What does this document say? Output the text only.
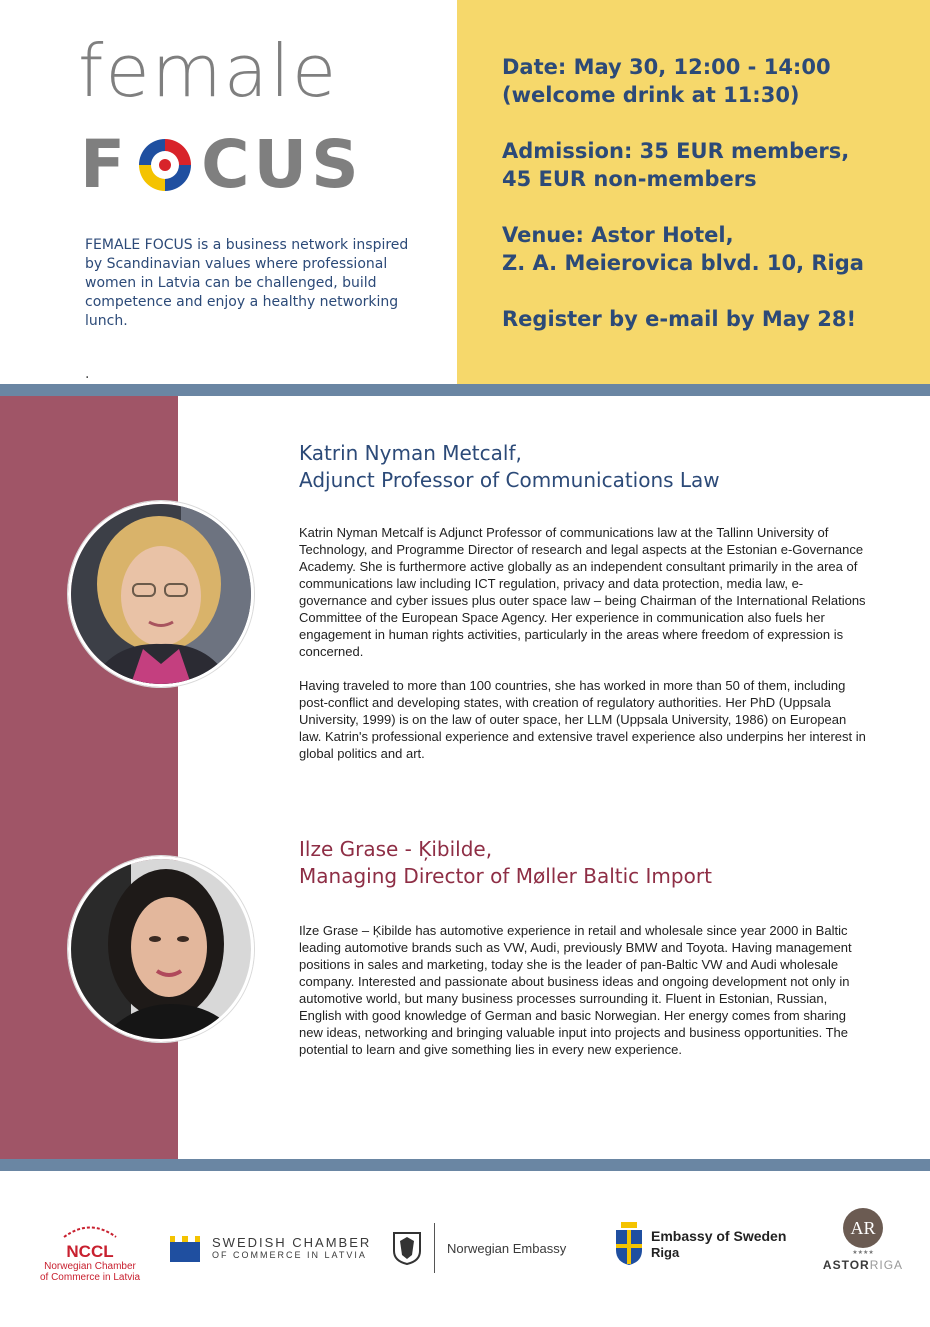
female
F CUS
FEMALE FOCUS is a business network inspired by Scandinavian values where professional women in Latvia can be challenged, build competence and enjoy a healthy networking lunch.
.

Date: May 30, 12:00 - 14:00
(welcome drink at 11:30)

Admission: 35 EUR members,
45 EUR non-members

Venue: Astor Hotel,
Z. A. Meierovica blvd. 10, Riga

Register by e-mail by May 28!

Katrin Nyman Metcalf,
Adjunct Professor of Communications Law

Katrin Nyman Metcalf is Adjunct Professor of communications law at the Tallinn University of Technology, and Programme Director of research and legal aspects at the Estonian e-Governance Academy. She is furthermore active globally as an independent consultant primarily in the area of communications law including ICT regulation, privacy and data protection, media law, e-governance and cyber issues plus outer space law – being Chairman of the International Relations Committee of the European Space Agency. Her experience in communication also fuels her engagement in human rights activities, particularly in the areas where freedom of expression is concerned.

Having traveled to more than 100 countries, she has worked in more than 50 of them, including post-conflict and developing states, with creation of regulatory authorities. Her PhD (Uppsala University, 1999) is on the law of outer space, her LLM (Uppsala University, 1986) on European law. Katrin's professional experience and extensive travel experience also underpins her interest in global politics and art.

Ilze Grase - Ķibilde,
Managing Director of Møller Baltic Import

Ilze Grase – Ķibilde has automotive experience in retail and wholesale since year 2000 in Baltic leading automotive brands such as VW, Audi, previously BMW and Toyota. Having management positions in sales and marketing, today she is the leader of pan-Baltic VW and Audi wholesale company. Interested and passionate about business ideas and ongoing development not only in automotive world, but many business processes surrounding it. Fluent in Estonian, Russian, English with good knowledge of German and basic Norwegian. Her energy comes from sharing new ideas, networking and bringing valuable input into projects and business opportunities. The potential to learn and give something lies in every new experience.

NCCL
Norwegian Chamber
of Commerce in Latvia
SWEDISH CHAMBER
OF COMMERCE IN LATVIA	Norwegian Embassy
Embassy of Sweden
Riga
AR
★★★★
ASTORRIGA
